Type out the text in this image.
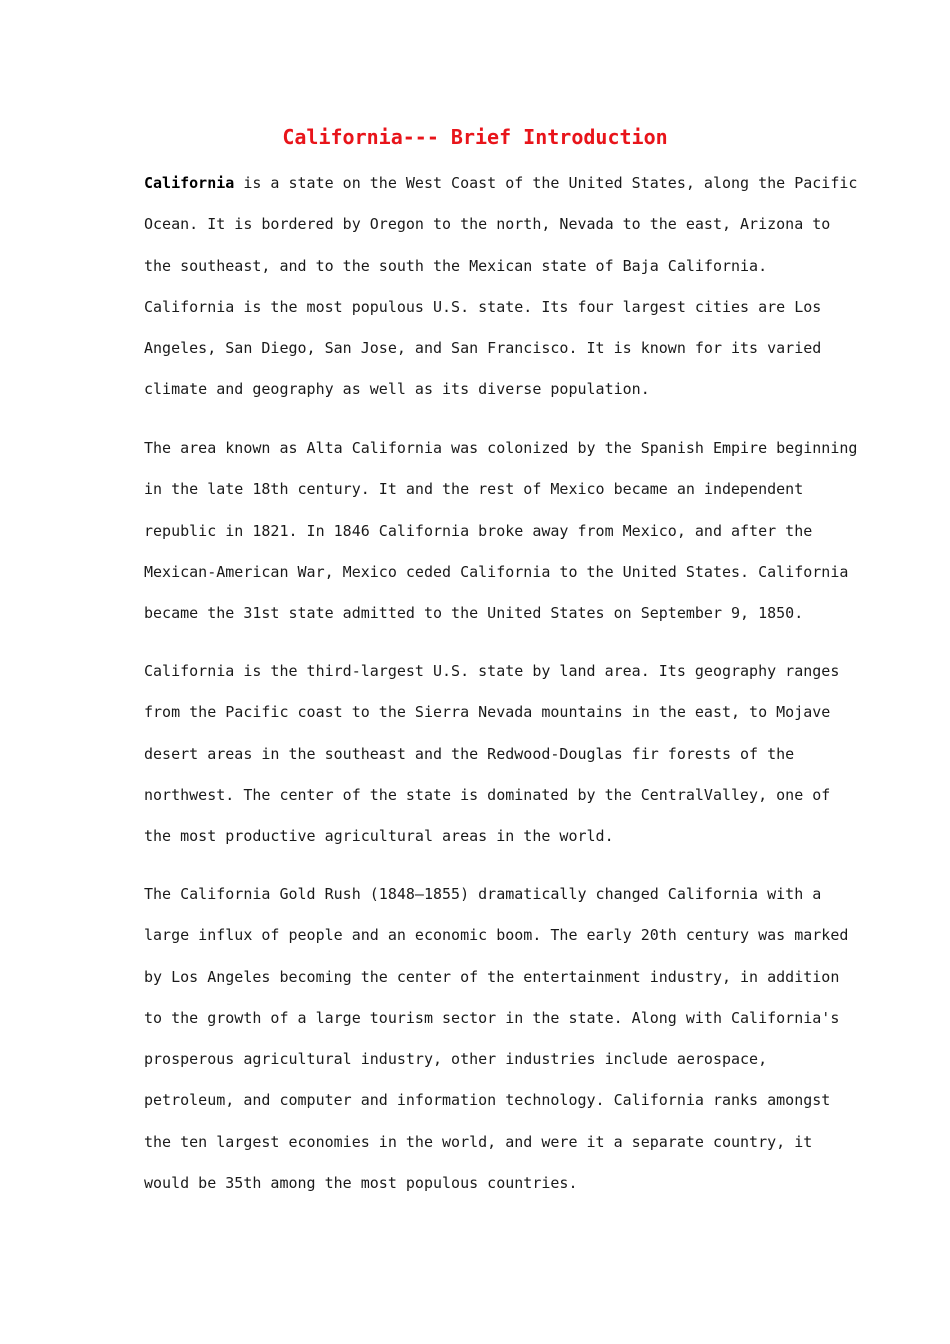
California--- Brief Introduction
California is a state on the West Coast of the United States, along the Pacific
Ocean. It is bordered by Oregon to the north, Nevada to the east, Arizona to
the southeast, and to the south the Mexican state of Baja California.
California is the most populous U.S. state. Its four largest cities are Los
Angeles, San Diego, San Jose, and San Francisco. It is known for its varied
climate and geography as well as its diverse population.
The area known as Alta California was colonized by the Spanish Empire beginning
in the late 18th century. It and the rest of Mexico became an independent
republic in 1821. In 1846 California broke away from Mexico, and after the
Mexican-American War, Mexico ceded California to the United States. California
became the 31st state admitted to the United States on September 9, 1850.
California is the third-largest U.S. state by land area. Its geography ranges
from the Pacific coast to the Sierra Nevada mountains in the east, to Mojave
desert areas in the southeast and the Redwood-Douglas fir forests of the
northwest. The center of the state is dominated by the CentralValley, one of
the most productive agricultural areas in the world.
The California Gold Rush (1848–1855) dramatically changed California with a
large influx of people and an economic boom. The early 20th century was marked
by Los Angeles becoming the center of the entertainment industry, in addition
to the growth of a large tourism sector in the state. Along with California's
prosperous agricultural industry, other industries include aerospace,
petroleum, and computer and information technology. California ranks amongst
the ten largest economies in the world, and were it a separate country, it
would be 35th among the most populous countries.
